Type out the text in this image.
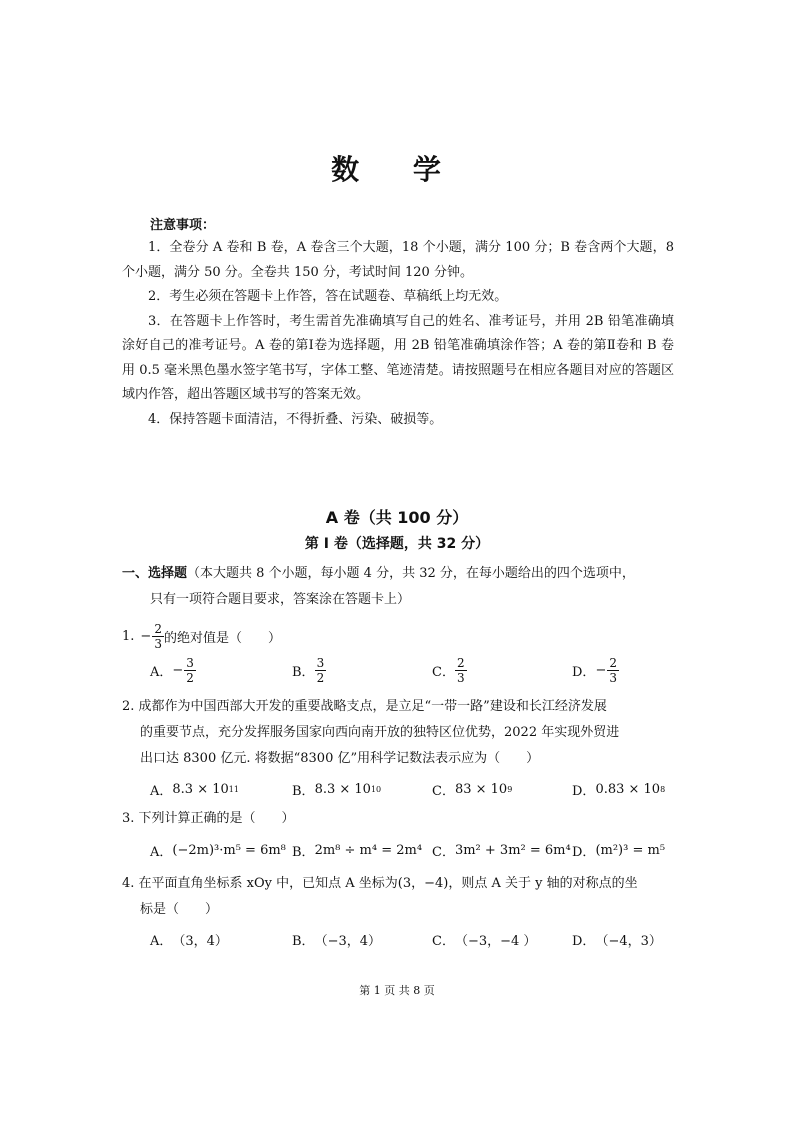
数 学
注意事项：

1．全卷分 A 卷和 B 卷，A 卷含三个大题，18 个小题，满分 100 分；B 卷含两个大题，8 个小题，满分 50 分。全卷共 150 分，考试时间 120 分钟。

2．考生必须在答题卡上作答，答在试题卷、草稿纸上均无效。

3．在答题卡上作答时，考生需首先准确填写自己的姓名、准考证号，并用 2B 铅笔准确填涂好自己的准考证号。A 卷的第Ⅰ卷为选择题，用 2B 铅笔准确填涂作答；A 卷的第Ⅱ卷和 B 卷用 0.5 毫米黑色墨水签字笔书写，字体工整、笔迹清楚。请按照题号在相应各题目对应的答题区域内作答，超出答题区域书写的答案无效。

4．保持答题卡面清洁，不得折叠、污染、破损等。

A 卷（共 100 分）
第 Ⅰ 卷（选择题，共 32 分）
一、选择题（本大题共 8 个小题，每小题 4 分，共 32 分，在每小题给出的四个选项中，
只有一项符合题目要求，答案涂在答题卡上）
1. − $\frac{2}{3}$ 的绝对值是（　　）
A． − $\frac{3}{2}$	B． $\frac{3}{2}$	C． $\frac{2}{3}$	D． − $\frac{2}{3}$
2. 成都作为中国西部大开发的重要战略支点，是立足“一带一路”建设和长江经济发展
的重要节点，充分发挥服务国家向西向南开放的独特区位优势，2022 年实现外贸进
出口达 8300 亿元. 将数据“8300 亿”用科学记数法表示应为（　　）
A． 8.3 × 10 11	B． 8.3 × 10 10	C． 83 × 10 9	D． 0.83 × 10 8
3. 下列计算正确的是（　　）
A． (−2m)³·m⁵ = 6m⁸ B． 2m⁸ ÷ m⁴ = 2m⁴ C． 3m² + 3m² = 6m⁴ D． (m²)³ = m⁵
4. 在平面直角坐标系 xOy 中，已知点 A 坐标为(3，−4)，则点 A 关于 y 轴的对称点的坐
标是（　　）
A． （3，4）	B． （−3，4）	C． （−3，−4 ）	D． （−4，3）
第 1 页 共 8 页
